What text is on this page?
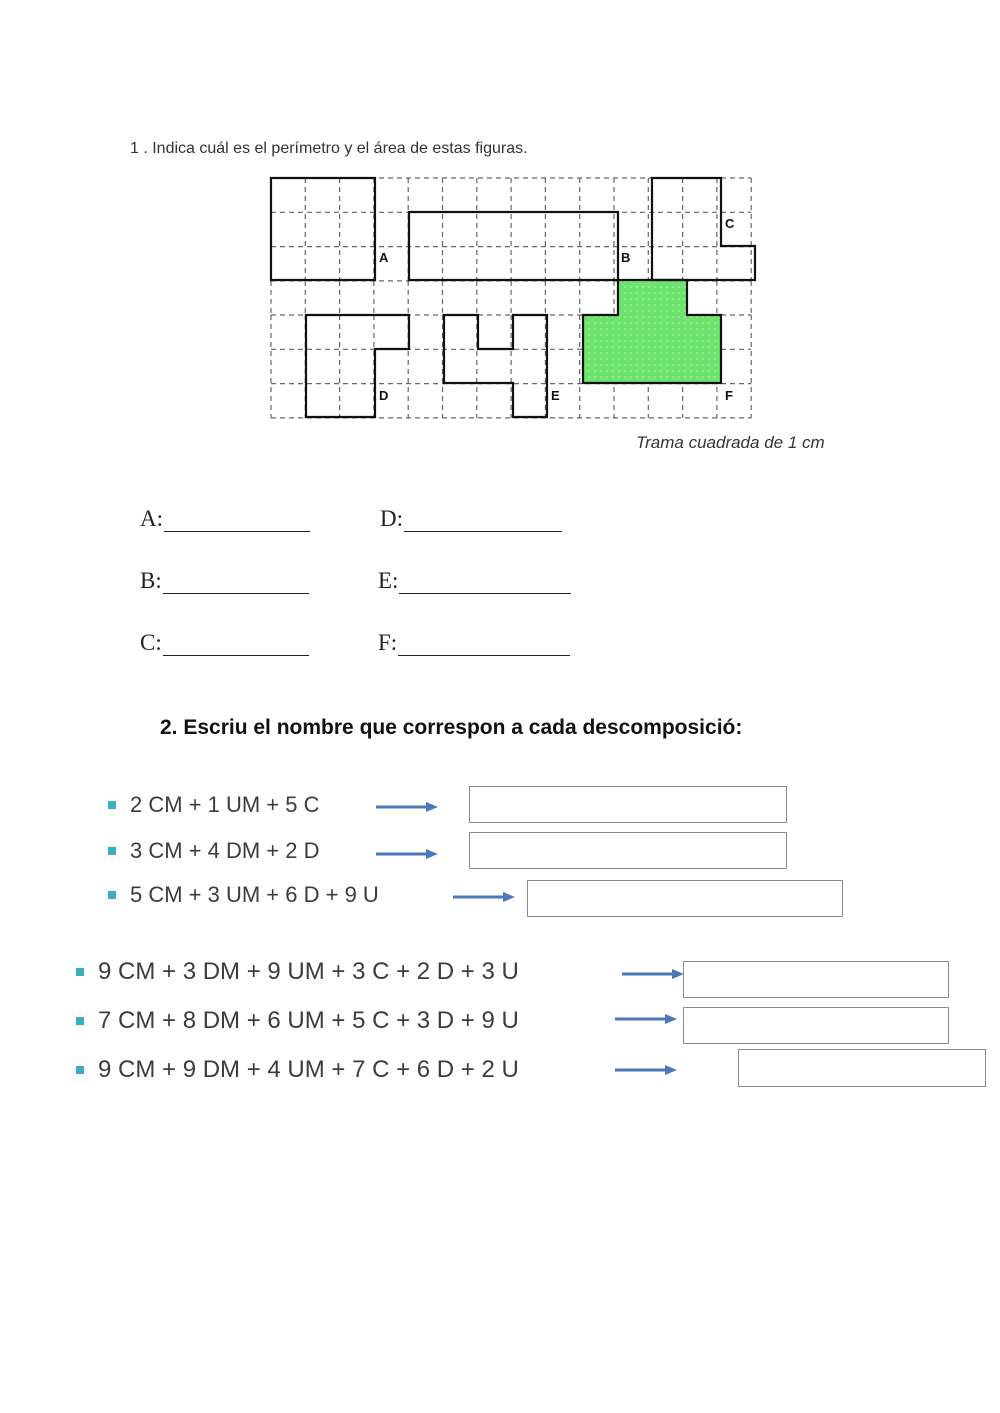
1 . Indica cuál es el perímetro y el área de estas figuras.
A	B
C
D	E	F
Trama cuadrada de 1 cm
A:
B:
C:
D:
E:
F:
2. Escriu el nombre que correspon a cada descomposició:
2 CM + 1 UM + 5 C
3 CM + 4 DM + 2 D
5 CM + 3 UM + 6 D + 9 U
9 CM + 3 DM + 9 UM + 3 C + 2 D + 3 U
7 CM + 8 DM + 6 UM + 5 C + 3 D + 9 U
9 CM + 9 DM + 4 UM + 7 C + 6 D + 2 U
